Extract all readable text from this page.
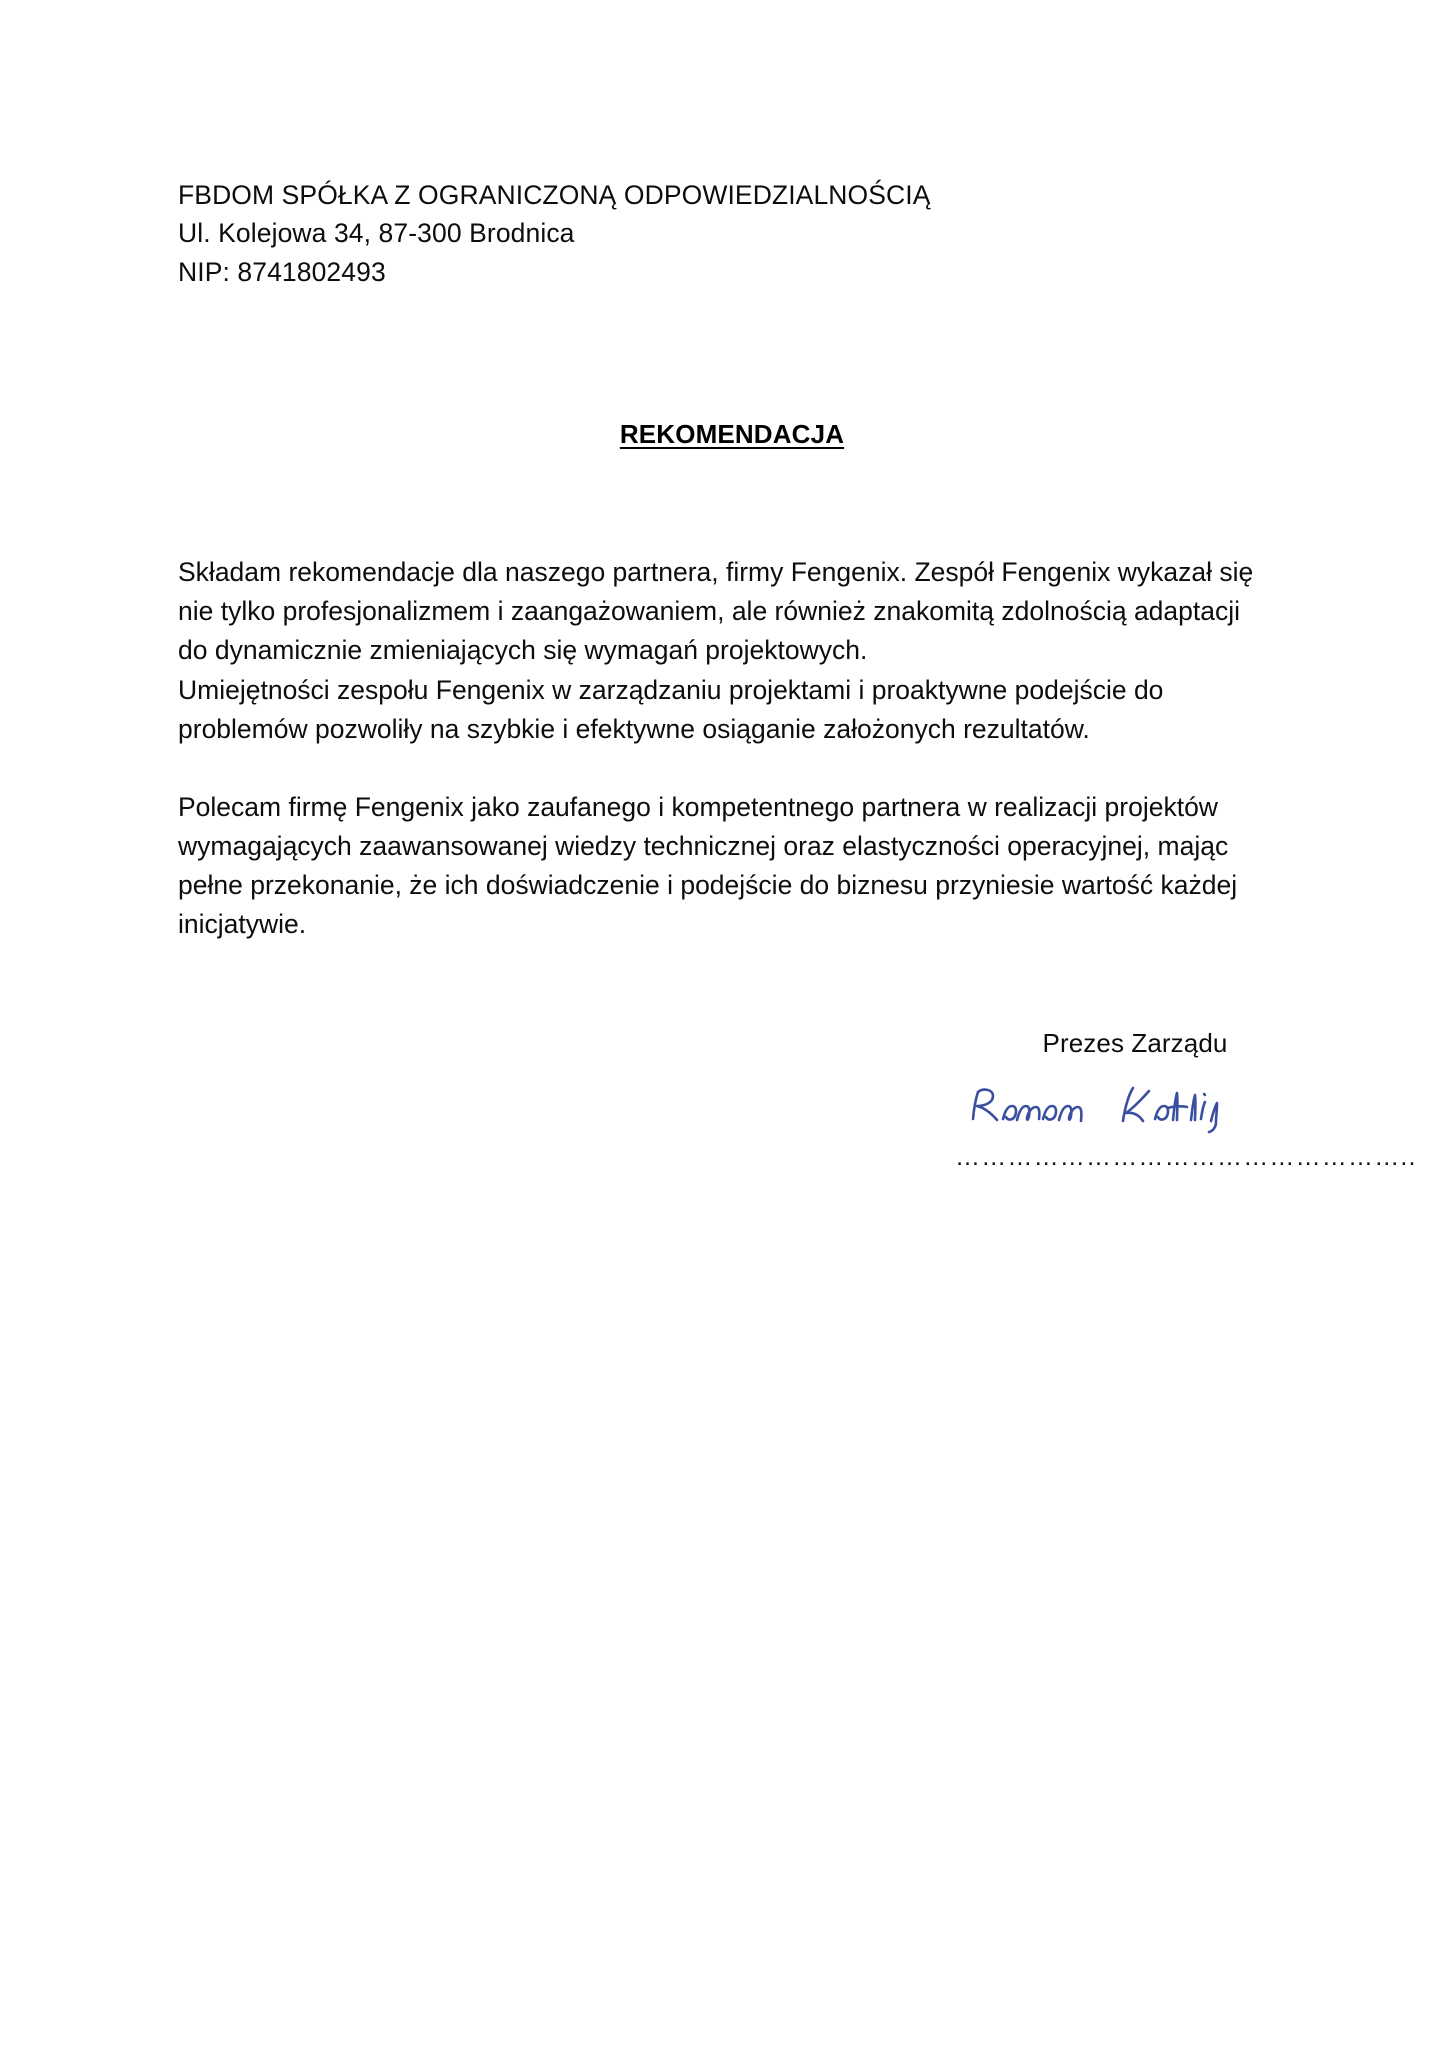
FBDOM SPÓŁKA Z OGRANICZONĄ ODPOWIEDZIALNOŚCIĄ
Ul. Kolejowa 34, 87-300 Brodnica
NIP: 8741802493
REKOMENDACJA
Składam rekomendacje dla naszego partnera, firmy Fengenix. Zespół Fengenix wykazał się
nie tylko profesjonalizmem i zaangażowaniem, ale również znakomitą zdolnością adaptacji
do dynamicznie zmieniających się wymagań projektowych.
Umiejętności zespołu Fengenix w zarządzaniu projektami i proaktywne podejście do
problemów pozwoliły na szybkie i efektywne osiąganie założonych rezultatów.
Polecam firmę Fengenix jako zaufanego i kompetentnego partnera w realizacji projektów
wymagających zaawansowanej wiedzy technicznej oraz elastyczności operacyjnej, mając
pełne przekonanie, że ich doświadczenie i podejście do biznesu przyniesie wartość każdej
inicjatywie.
Prezes Zarządu
……………………………………………..
